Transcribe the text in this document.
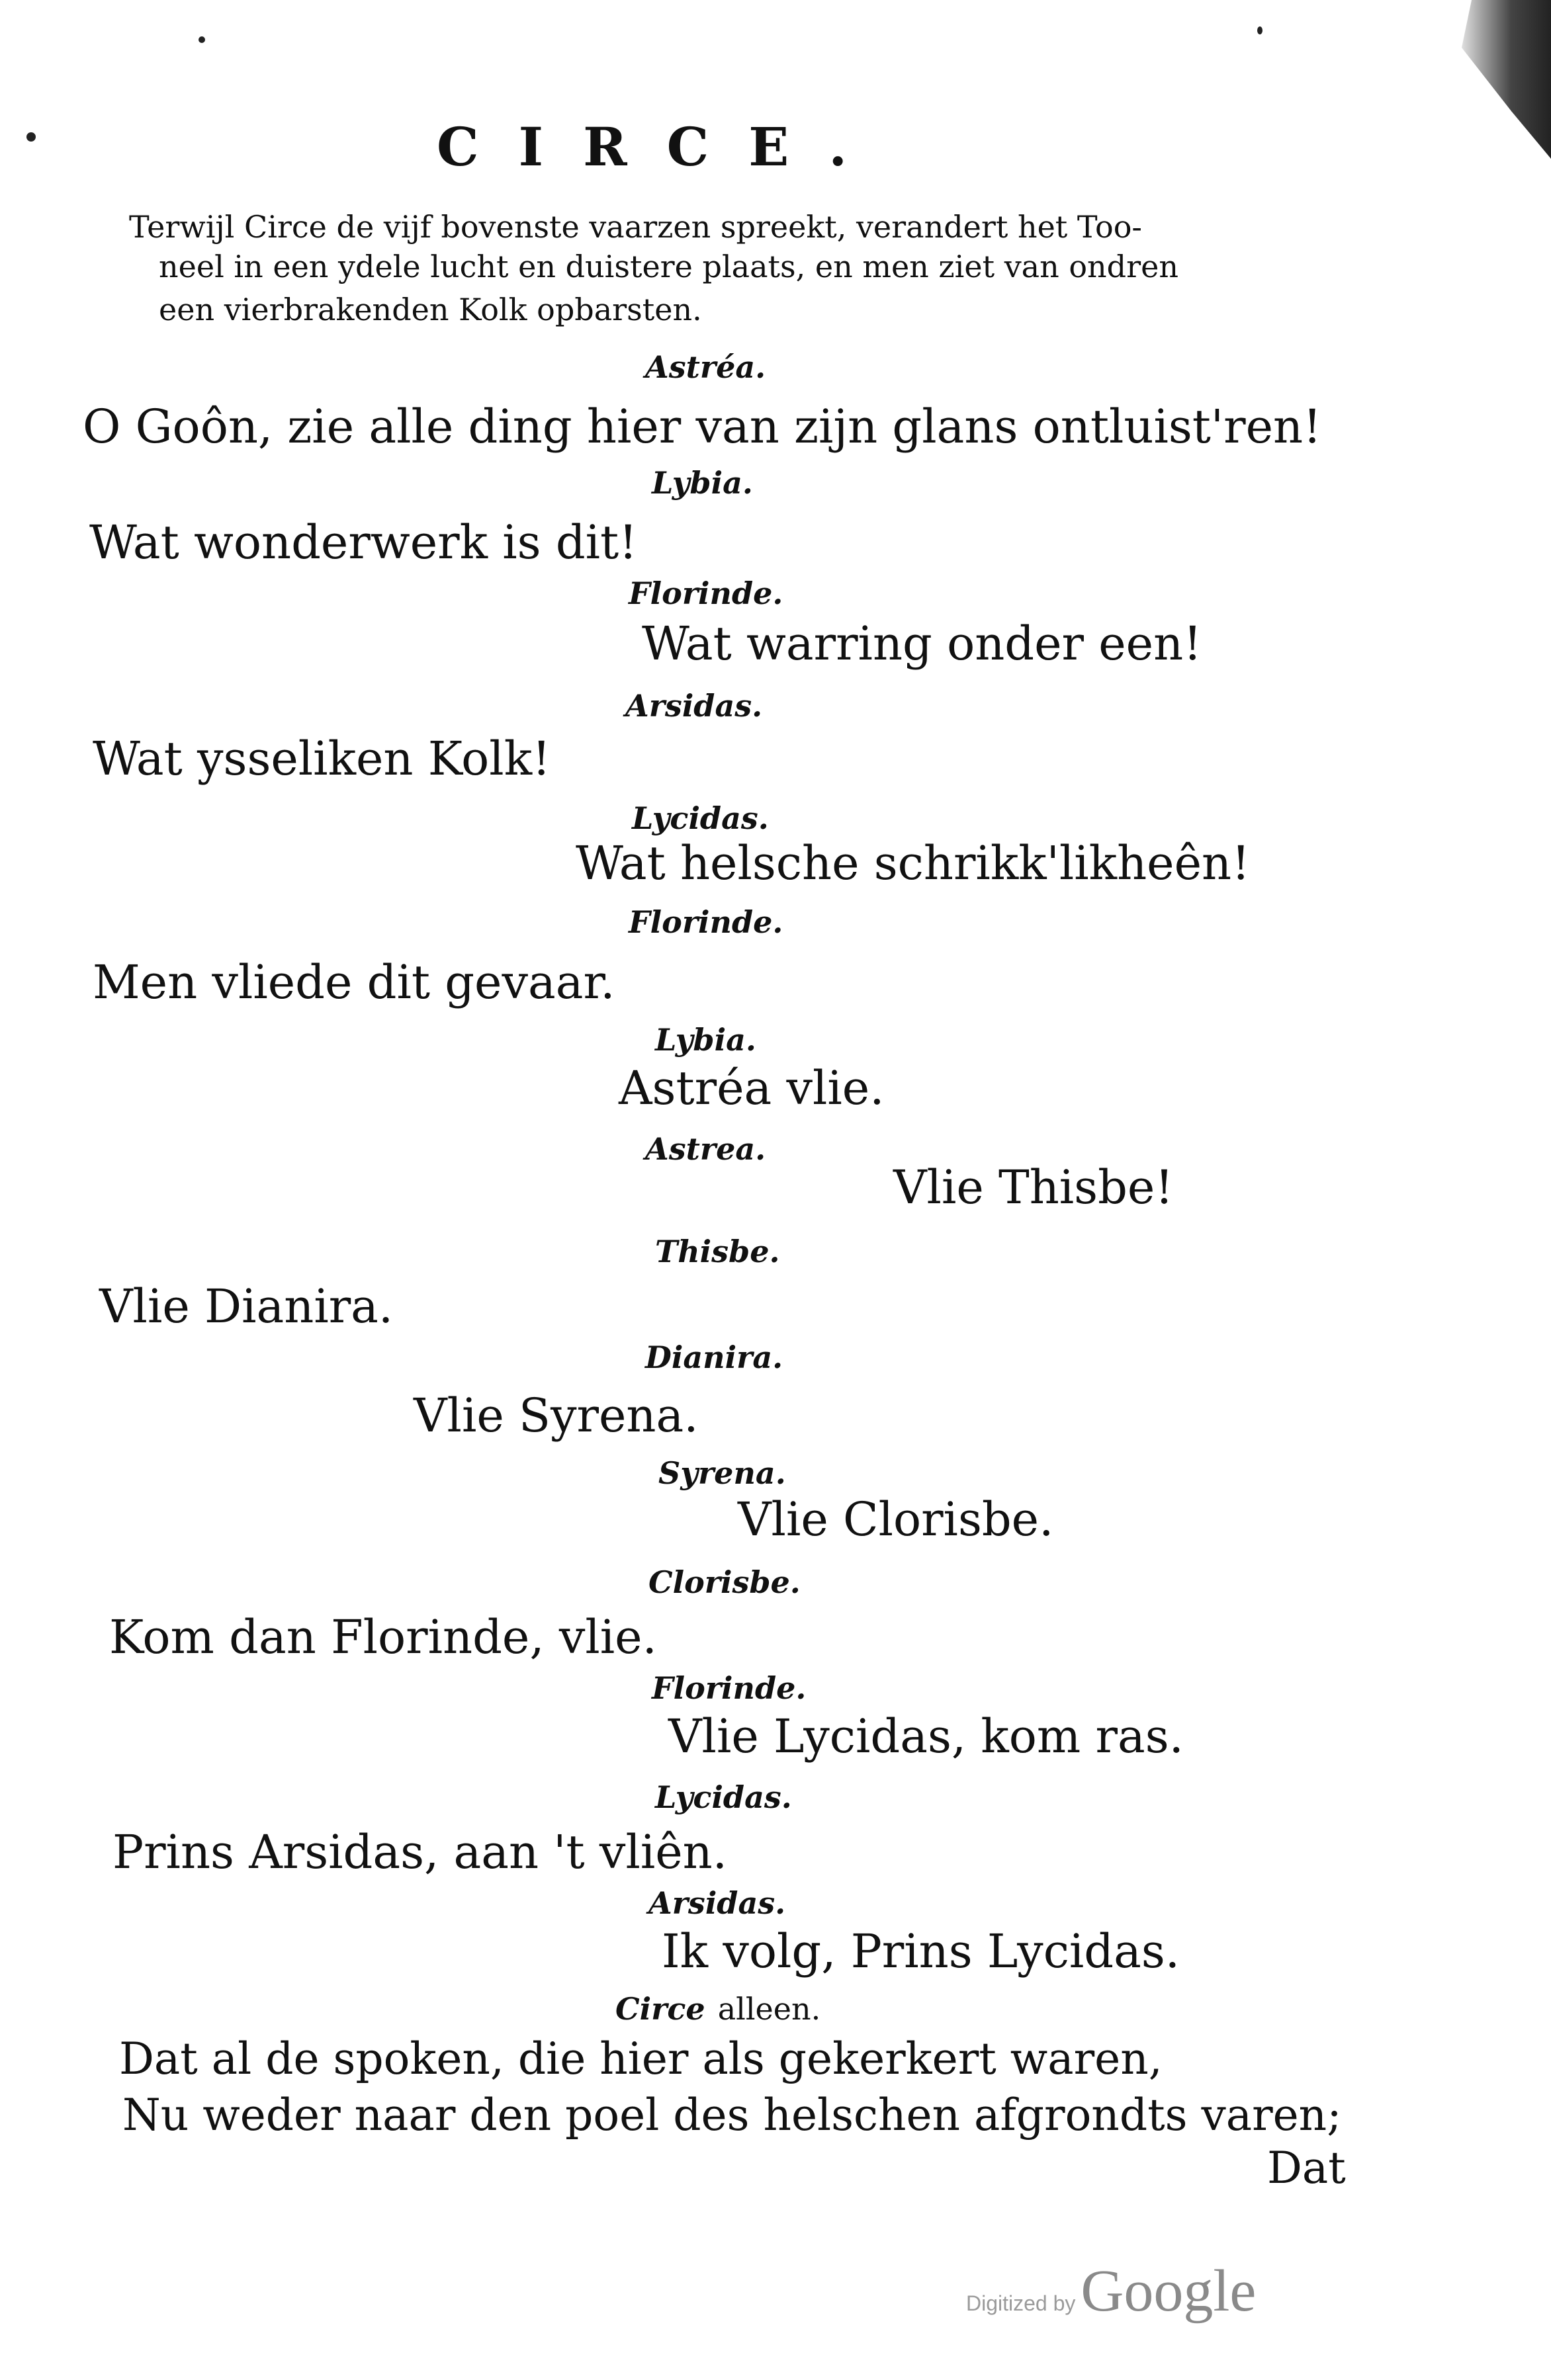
CIRCE.
Terwijl Circe de vijf bovenste vaarzen spreekt, verandert het Too-
neel in een ydele lucht en duistere plaats, en men ziet van ondren
een vierbrakenden Kolk opbarsten.
Astréa.
O Goôn, zie alle ding hier van zijn glans ontluist'ren!
Lybia.
Wat wonderwerk is dit!
Florinde.
Wat warring onder een!
Arsidas.
Wat ysseliken Kolk!
Lycidas.
Wat helsche schrikk'likheên!
Florinde.
Men vliede dit gevaar.
Lybia.
Astréa vlie.
Astrea.
Vlie Thisbe!
Thisbe.
Vlie Dianira.
Dianira.
Vlie Syrena.
Syrena.
Vlie Clorisbe.
Clorisbe.
Kom dan Florinde, vlie.
Florinde.
Vlie Lycidas, kom ras.
Lycidas.
Prins Arsidas, aan 't vliên.
Arsidas.
Ik volg, Prins Lycidas.
Circe alleen.
Dat al de spoken, die hier als gekerkert waren,
Nu weder naar den poel des helschen afgrondts varen;
Dat
Digitized by Google
